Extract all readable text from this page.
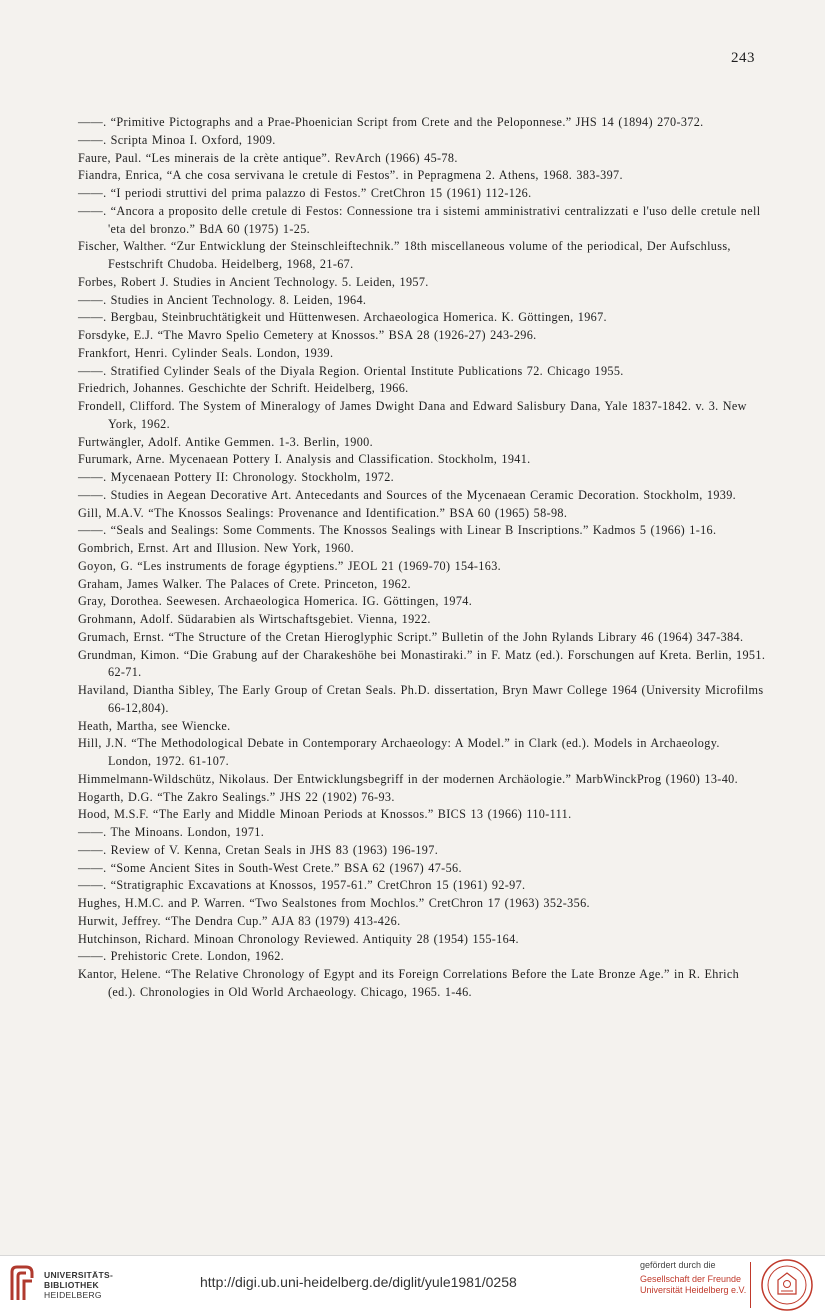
243
——. “Primitive Pictographs and a Prae-Phoenician Script from Crete and the Peloponnese.” JHS 14 (1894) 270-372.
——. Scripta Minoa I. Oxford, 1909.
Faure, Paul. “Les minerais de la crète antique”. RevArch (1966) 45-78.
Fiandra, Enrica, “A che cosa servivana le cretule di Festos”. in Pepragmena 2. Athens, 1968. 383-397.
——. “I periodi struttivi del prima palazzo di Festos.” CretChron 15 (1961) 112-126.
——. “Ancora a proposito delle cretule di Festos: Connessione tra i sistemi amministrativi centralizzati e l'uso delle cretule nell 'eta del bronzo.” BdA 60 (1975) 1-25.
Fischer, Walther. “Zur Entwicklung der Steinschleiftechnik.” 18th miscellaneous volume of the periodical, Der Aufschluss, Festschrift Chudoba. Heidelberg, 1968, 21-67.
Forbes, Robert J. Studies in Ancient Technology. 5. Leiden, 1957.
——. Studies in Ancient Technology. 8. Leiden, 1964.
——. Bergbau, Steinbruchtätigkeit und Hüttenwesen. Archaeologica Homerica. K. Göttingen, 1967.
Forsdyke, E.J. “The Mavro Spelio Cemetery at Knossos.” BSA 28 (1926-27) 243-296.
Frankfort, Henri. Cylinder Seals. London, 1939.
——. Stratified Cylinder Seals of the Diyala Region. Oriental Institute Publications 72. Chicago 1955.
Friedrich, Johannes. Geschichte der Schrift. Heidelberg, 1966.
Frondell, Clifford. The System of Mineralogy of James Dwight Dana and Edward Salisbury Dana, Yale 1837-1842. v. 3. New York, 1962.
Furtwängler, Adolf. Antike Gemmen. 1-3. Berlin, 1900.
Furumark, Arne. Mycenaean Pottery I. Analysis and Classification. Stockholm, 1941.
——. Mycenaean Pottery II: Chronology. Stockholm, 1972.
——. Studies in Aegean Decorative Art. Antecedants and Sources of the Mycenaean Ceramic Decoration. Stockholm, 1939.
Gill, M.A.V. “The Knossos Sealings: Provenance and Identification.” BSA 60 (1965) 58-98.
——. “Seals and Sealings: Some Comments. The Knossos Sealings with Linear B Inscriptions.” Kadmos 5 (1966) 1-16.
Gombrich, Ernst. Art and Illusion. New York, 1960.
Goyon, G. “Les instruments de forage égyptiens.” JEOL 21 (1969-70) 154-163.
Graham, James Walker. The Palaces of Crete. Princeton, 1962.
Gray, Dorothea. Seewesen. Archaeologica Homerica. IG. Göttingen, 1974.
Grohmann, Adolf. Südarabien als Wirtschaftsgebiet. Vienna, 1922.
Grumach, Ernst. “The Structure of the Cretan Hieroglyphic Script.” Bulletin of the John Rylands Library 46 (1964) 347-384.
Grundman, Kimon. “Die Grabung auf der Charakeshöhe bei Monastiraki.” in F. Matz (ed.). Forschungen auf Kreta. Berlin, 1951. 62-71.
Haviland, Diantha Sibley, The Early Group of Cretan Seals. Ph.D. dissertation, Bryn Mawr College 1964 (University Microfilms 66-12,804).
Heath, Martha, see Wiencke.
Hill, J.N. “The Methodological Debate in Contemporary Archaeology: A Model.” in Clark (ed.). Models in Archaeology. London, 1972. 61-107.
Himmelmann-Wildschütz, Nikolaus. Der Entwicklungsbegriff in der modernen Archäologie.” MarbWinckProg (1960) 13-40.
Hogarth, D.G. “The Zakro Sealings.” JHS 22 (1902) 76-93.
Hood, M.S.F. “The Early and Middle Minoan Periods at Knossos.” BICS 13 (1966) 110-111.
——. The Minoans. London, 1971.
——. Review of V. Kenna, Cretan Seals in JHS 83 (1963) 196-197.
——. “Some Ancient Sites in South-West Crete.” BSA 62 (1967) 47-56.
——. “Stratigraphic Excavations at Knossos, 1957-61.” CretChron 15 (1961) 92-97.
Hughes, H.M.C. and P. Warren. “Two Sealstones from Mochlos.” CretChron 17 (1963) 352-356.
Hurwit, Jeffrey. “The Dendra Cup.” AJA 83 (1979) 413-426.
Hutchinson, Richard. Minoan Chronology Reviewed. Antiquity 28 (1954) 155-164.
——. Prehistoric Crete. London, 1962.
Kantor, Helene. “The Relative Chronology of Egypt and its Foreign Correlations Before the Late Bronze Age.” in R. Ehrich (ed.). Chronologies in Old World Archaeology. Chicago, 1965. 1-46.
UNIVERSITÄTS-
BIBLIOTHEK
HEIDELBERG
http://digi.ub.uni-heidelberg.de/diglit/yule1981/0258
gefördert durch die
Gesellschaft der Freunde
Universität Heidelberg e.V.
